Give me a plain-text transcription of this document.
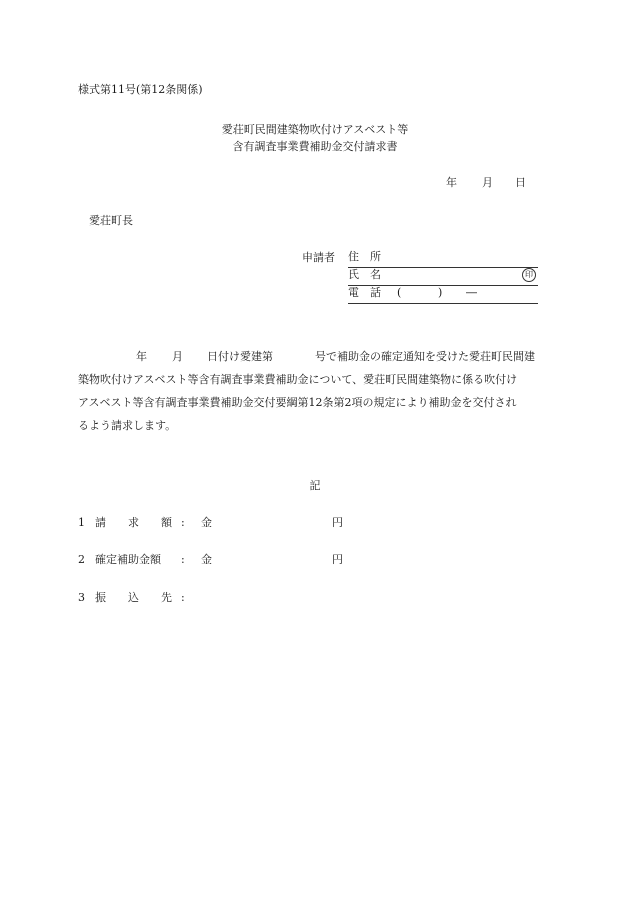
様式第11号(第12条関係)
愛荘町民間建築物吹付けアスベスト等
含有調査事業費補助金交付請求書
年 月 日
愛荘町長
申請者 住　所
氏　名	印
電　話 (	) ―
年 月 日付け愛建第	号で補助金の確定通知を受けた愛荘町民間建
築物吹付けアスベスト等含有調査事業費補助金について、愛荘町民間建築物に係る吹付け
アスベスト等含有調査事業費補助金交付要綱第12条第2項の規定により補助金を交付され
るよう請求します。
記
1 請　　求　　額 : 金	円
2 確定補助金額 : 金	円
3 振　　込　　先 :
